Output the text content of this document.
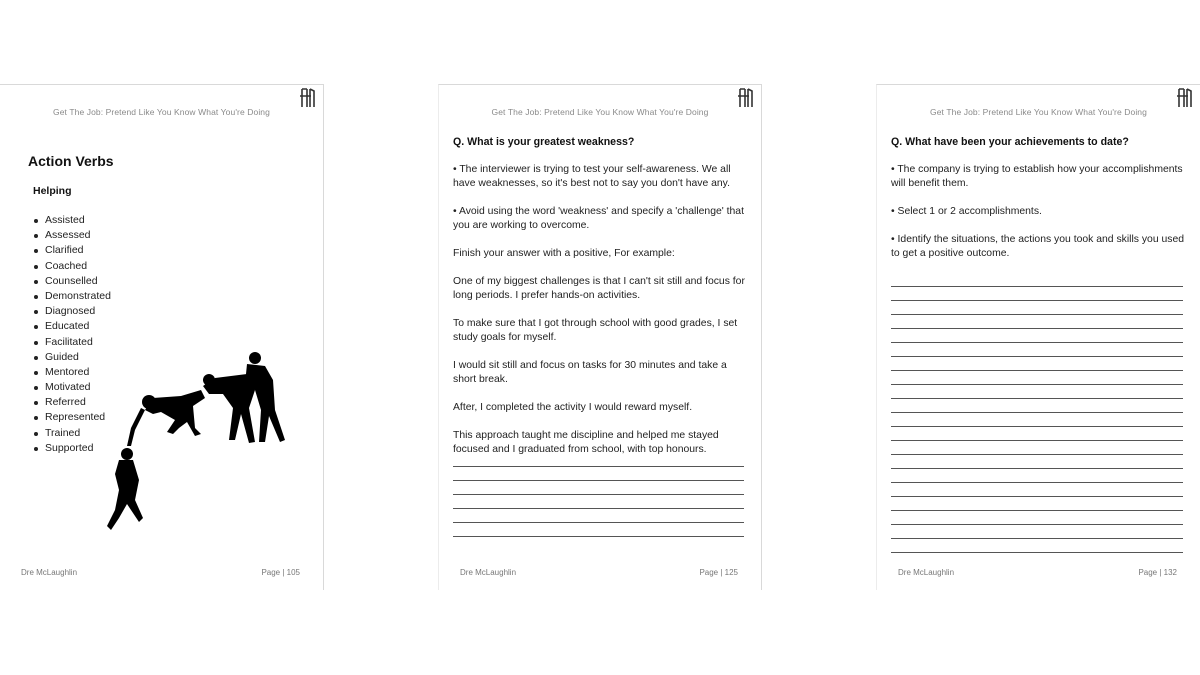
Get The Job: Pretend Like You Know What You're Doing
Action Verbs
Helping
Assisted
Assessed
Clarified
Coached
Counselled
Demonstrated
Diagnosed
Educated
Facilitated
Guided
Mentored
Motivated
Referred
Represented
Trained
Supported
Dre McLaughlin	Page | 105
Get The Job: Pretend Like You Know What You're Doing
Q. What is your greatest weakness?

• The interviewer is trying to test your self-awareness. We all have weaknesses, so it's best not to say you don't have any.

• Avoid using the word 'weakness' and specify a 'challenge' that you are working to overcome.

Finish your answer with a positive, For example:

One of my biggest challenges is that I can't sit still and focus for long periods. I prefer hands-on activities.

To make sure that I got through school with good grades, I set study goals for myself.

I would sit still and focus on tasks for 30 minutes and take a short break.

After, I completed the activity I would reward myself.

This approach taught me discipline and helped me stayed focused and I graduated from school, with top honours.

Dre McLaughlin	Page | 125
Get The Job: Pretend Like You Know What You're Doing
Q. What have been your achievements to date?

• The company is trying to establish how your accomplishments will benefit them.

• Select 1 or 2 accomplishments.

• Identify the situations, the actions you took and skills you used to get a positive outcome.

Dre McLaughlin	Page | 132
